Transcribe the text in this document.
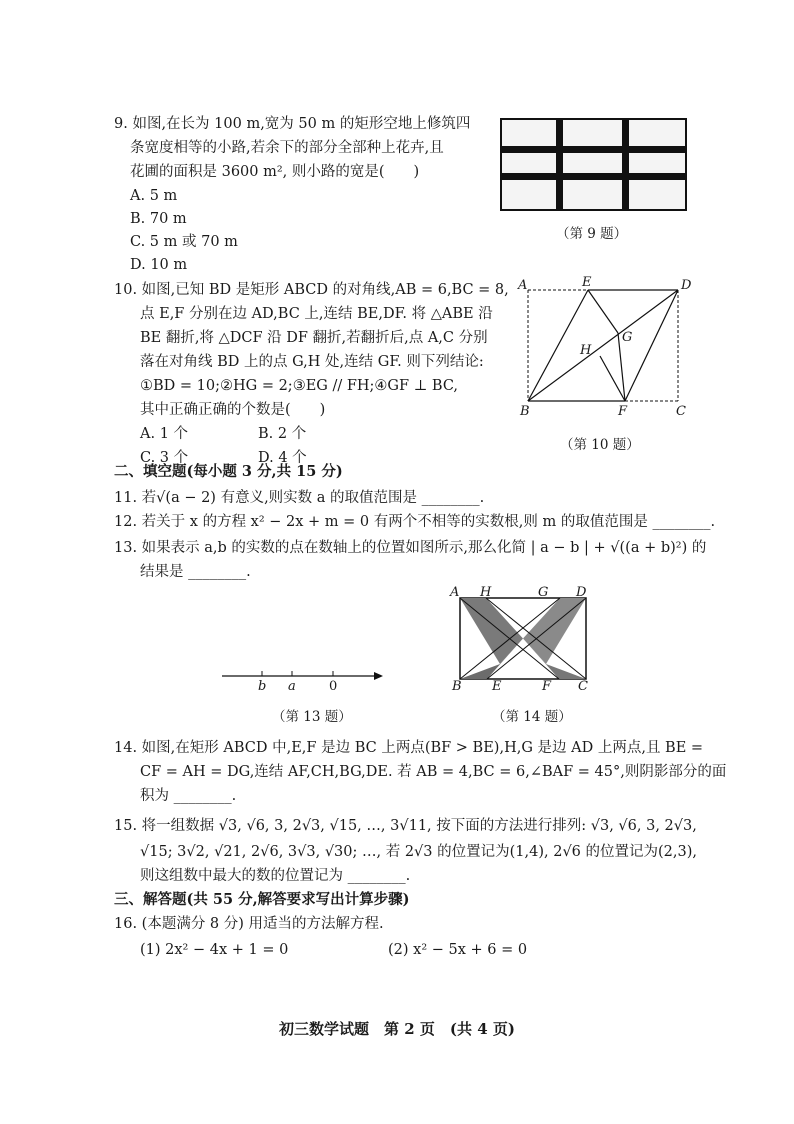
9. 如图,在长为 100 m,宽为 50 m 的矩形空地上修筑四
条宽度相等的小路,若余下的部分全部种上花卉,且
花圃的面积是 3600 m², 则小路的宽是(　　)
A. 5 m
B. 70 m
C. 5 m 或 70 m
D. 10 m
（第 9 题）
10. 如图,已知 BD 是矩形 ABCD 的对角线,AB = 6,BC = 8,
点 E,F 分别在边 AD,BC 上,连结 BE,DF. 将 △ABE 沿
BE 翻折,将 △DCF 沿 DF 翻折,若翻折后,点 A,C 分别
落在对角线 BD 上的点 G,H 处,连结 GF. 则下列结论:
①BD = 10;②HG = 2;③EG // FH;④GF ⊥ BC,
其中正确正确的个数是(　　)
A. 1 个	B. 2 个
C. 3 个	D. 4 个
A	E	D
G
H
B	F	C
（第 10 题）
二、填空题(每小题 3 分,共 15 分)
11. 若√(a − 2) 有意义,则实数 a 的取值范围是 ________.
12. 若关于 x 的方程 x² − 2x + m = 0 有两个不相等的实数根,则 m 的取值范围是 ________.
13. 如果表示 a,b 的实数的点在数轴上的位置如图所示,那么化简 | a − b | + √((a + b)²) 的
结果是 ________.
b a	0
（第 13 题）
A H	G D
B E	F C
（第 14 题）
14. 如图,在矩形 ABCD 中,E,F 是边 BC 上两点(BF > BE),H,G 是边 AD 上两点,且 BE =
CF = AH = DG,连结 AF,CH,BG,DE. 若 AB = 4,BC = 6,∠BAF = 45°,则阴影部分的面
积为 ________.
15. 将一组数据 √3, √6, 3, 2√3, √15, …, 3√11, 按下面的方法进行排列: √3, √6, 3, 2√3,
√15; 3√2, √21, 2√6, 3√3, √30; …, 若 2√3 的位置记为(1,4), 2√6 的位置记为(2,3),
则这组数中最大的数的位置记为 ________.
三、解答题(共 55 分,解答要求写出计算步骤)
16. (本题满分 8 分) 用适当的方法解方程.
(1) 2x² − 4x + 1 = 0	(2) x² − 5x + 6 = 0
初三数学试题　第 2 页　(共 4 页)
